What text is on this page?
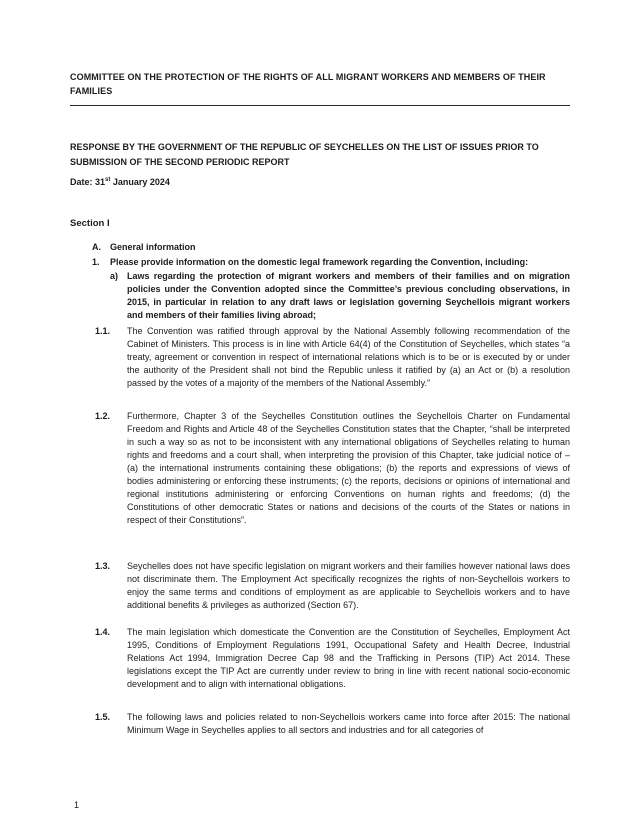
COMMITTEE ON THE PROTECTION OF THE RIGHTS OF ALL MIGRANT WORKERS AND MEMBERS OF THEIR FAMILIES
RESPONSE BY THE GOVERNMENT OF THE REPUBLIC OF SEYCHELLES ON THE LIST OF ISSUES PRIOR TO SUBMISSION OF THE SECOND PERIODIC REPORT
Date: 31st January 2024
Section I
A.	General information
1.	Please provide information on the domestic legal framework regarding the Convention, including:
a) Laws regarding the protection of migrant workers and members of their families and on migration policies under the Convention adopted since the Committee’s previous concluding observations, in 2015, in particular in relation to any draft laws or legislation governing Seychellois migrant workers and members of their families living abroad;
1.1.	The Convention was ratified through approval by the National Assembly following recommendation of the Cabinet of Ministers. This process is in line with Article 64(4) of the Constitution of Seychelles, which states “a treaty, agreement or convention in respect of international relations which is to be or is executed by or under the authority of the President shall not bind the Republic unless it ratified by (a) an Act or (b) a resolution passed by the votes of a majority of the members of the National Assembly.”
1.2.	Furthermore, Chapter 3 of the Seychelles Constitution outlines the Seychellois Charter on Fundamental Freedom and Rights and Article 48 of the Seychelles Constitution states that the Chapter, “shall be interpreted in such a way so as not to be inconsistent with any international obligations of Seychelles relating to human rights and freedoms and a court shall, when interpreting the provision of this Chapter, take judicial notice of – (a) the international instruments containing these obligations; (b) the reports and expressions of views of bodies administering or enforcing these instruments; (c) the reports, decisions or opinions of international and regional institutions administering or enforcing Conventions on human rights and freedoms; (d) the Constitutions of other democratic States or nations and decisions of the courts of the States or nations in respect of their Constitutions”.
1.3.	Seychelles does not have specific legislation on migrant workers and their families however national laws does not discriminate them. The Employment Act specifically recognizes the rights of non-Seychellois workers to enjoy the same terms and conditions of employment as are applicable to Seychellois workers and to have additional benefits & privileges as authorized (Section 67).
1.4.	The main legislation which domesticate the Convention are the Constitution of Seychelles, Employment Act 1995, Conditions of Employment Regulations 1991, Occupational Safety and Health Decree, Industrial Relations Act 1994, Immigration Decree Cap 98 and the Trafficking in Persons (TIP) Act 2014. These legislations except the TIP Act are currently under review to bring in line with recent national socio-economic development and to align with international obligations.
1.5.	The following laws and policies related to non-Seychellois workers came into force after 2015: The national Minimum Wage in Seychelles applies to all sectors and industries and for all categories of
1
